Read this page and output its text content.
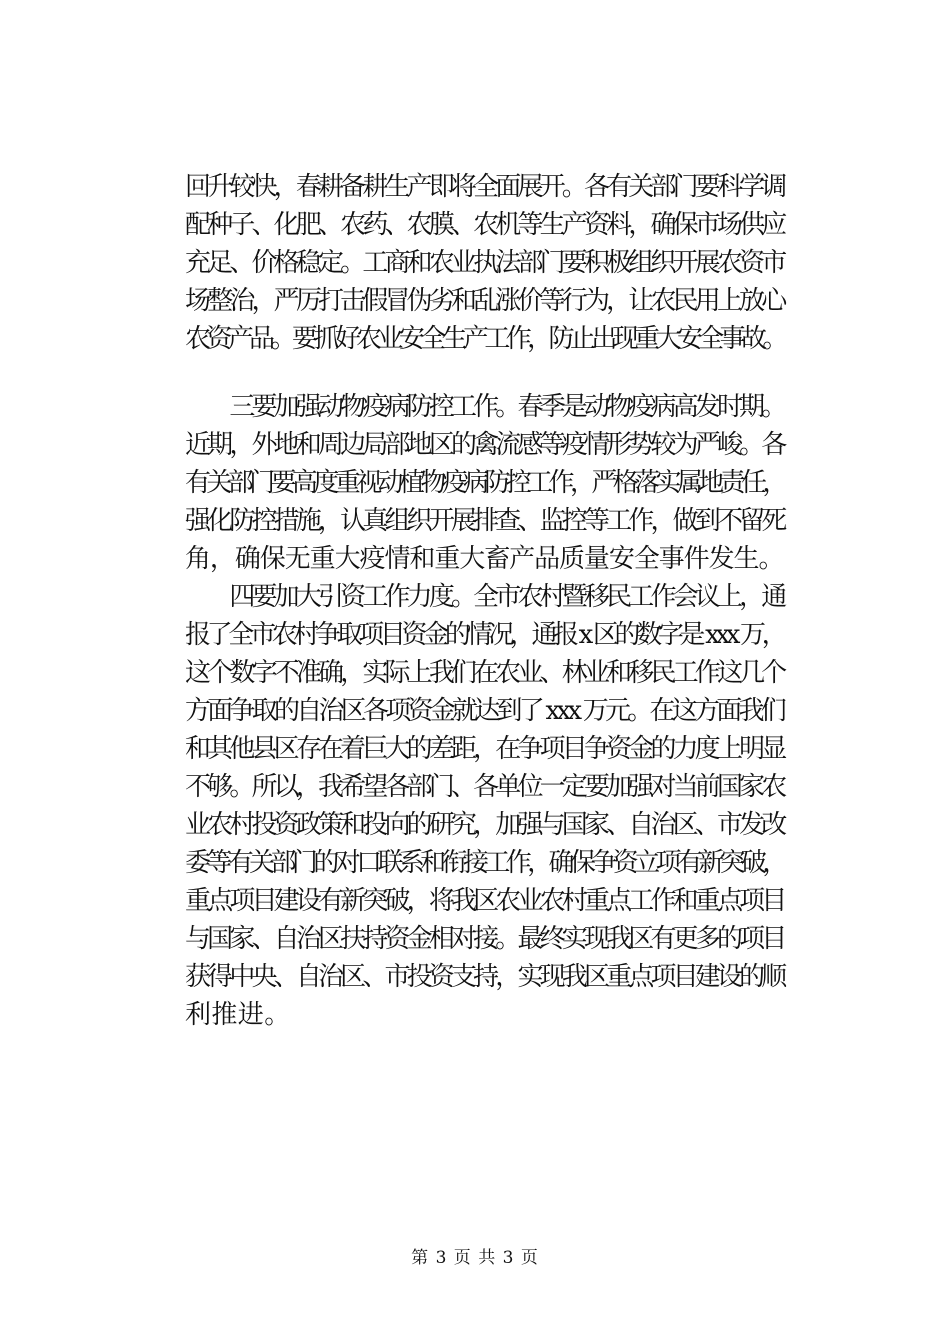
回升较快，春耕备耕生产即将全面展开。各有关部门要科学调
配种子、化肥、农药、农膜、农机等生产资料，确保市场供应
充足、价格稳定。工商和农业执法部门要积极组织开展农资市
场整治，严厉打击假冒伪劣和乱涨价等行为，让农民用上放心
农资产品。要抓好农业安全生产工作，防止出现重大安全事故。
　　三要加强动物疫病防控工作。春季是动物疫病高发时期。
近期，外地和周边局部地区的禽流感等疫情形势较为严峻。各
有关部门要高度重视动植物疫病防控工作，严格落实属地责任，
强化防控措施，认真组织开展排查、监控等工作，做到不留死
角，确保无重大疫情和重大畜产品质量安全事件发生。
　　四要加大引资工作力度。全市农村暨移民工作会议上，通
报了全市农村争取项目资金的情况，通报 x 区的数字是 xxx 万，
这个数字不准确，实际上我们在农业、林业和移民工作这几个
方面争取的自治区各项资金就达到了 xxx 万元。在这方面我们
和其他县区存在着巨大的差距，在争项目争资金的力度上明显
不够。所以，我希望各部门、各单位一定要加强对当前国家农
业农村投资政策和投向的研究，加强与国家、自治区、市发改
委等有关部门的对口联系和衔接工作，确保争资立项有新突破，
重点项目建设有新突破，将我区农业农村重点工作和重点项目
与国家、自治区扶持资金相对接。最终实现我区有更多的项目
获得中央、自治区、市投资支持，实现我区重点项目建设的顺
利推进。
第 3 页 共 3 页
